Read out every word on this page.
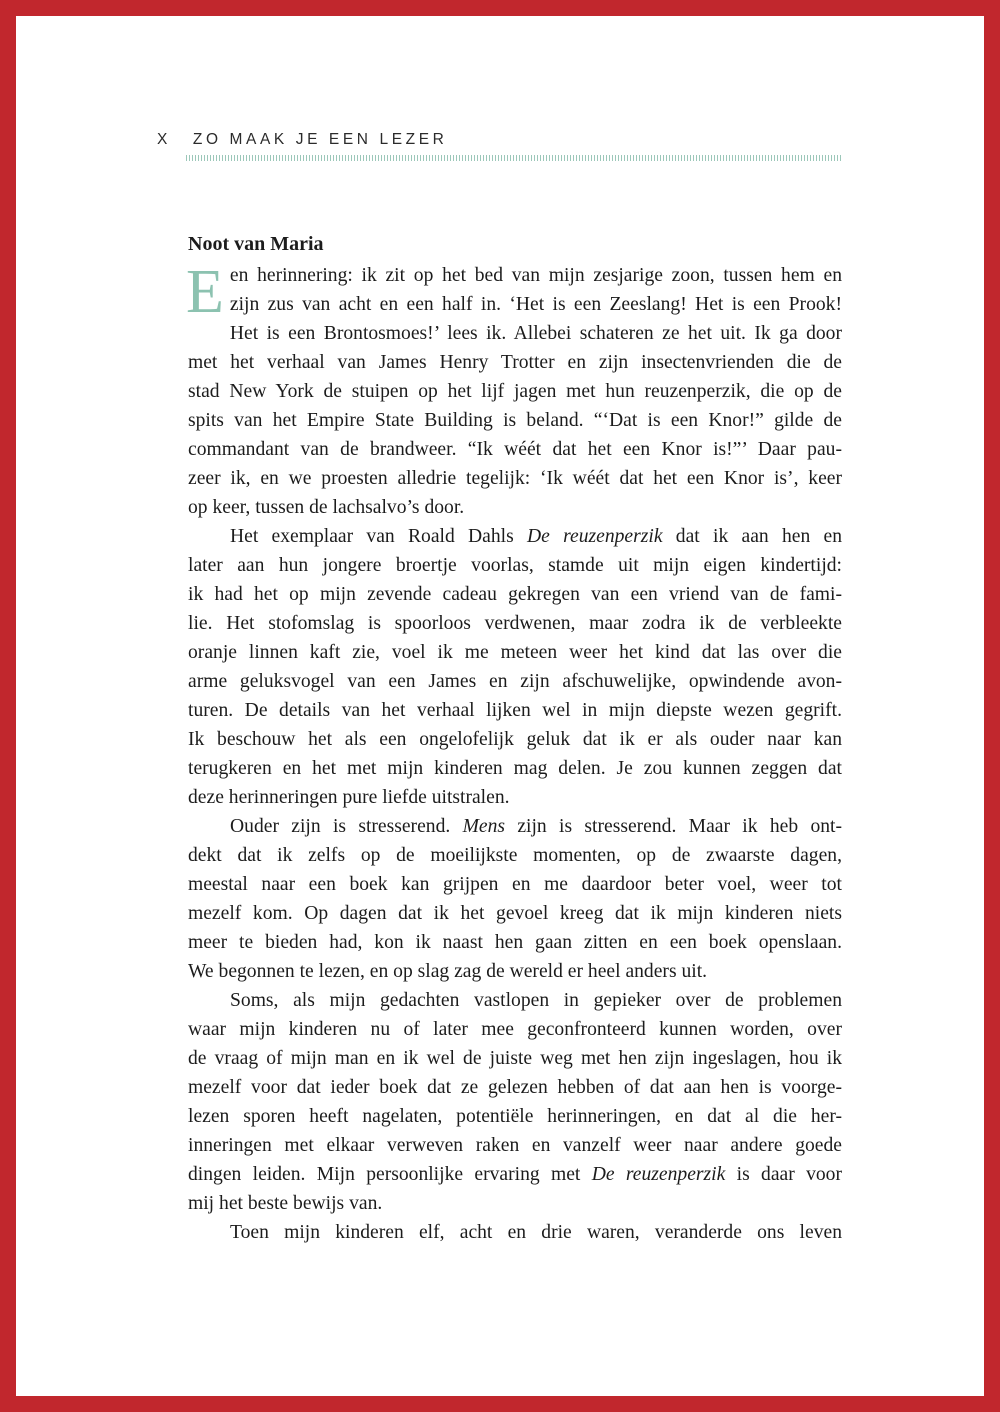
X ZO MAAK JE EEN LEZER
Noot van Maria
E en herinnering: ik zit op het bed van mijn zesjarige zoon, tussen hem en
zijn zus van acht en een half in. ‘Het is een Zeeslang! Het is een Prook!
Het is een Brontosmoes!’ lees ik. Allebei schateren ze het uit. Ik ga door
met het verhaal van James Henry Trotter en zijn insectenvrienden die de
stad New York de stuipen op het lijf jagen met hun reuzenperzik, die op de
spits van het Empire State Building is beland. “‘Dat is een Knor!” gilde de
commandant van de brandweer. “Ik wéét dat het een Knor is!”’ Daar pau-
zeer ik, en we proesten alledrie tegelijk: ‘Ik wéét dat het een Knor is’, keer
op keer, tussen de lachsalvo’s door.
Het exemplaar van Roald Dahls De reuzenperzik dat ik aan hen en
later aan hun jongere broertje voorlas, stamde uit mijn eigen kindertijd:
ik had het op mijn zevende cadeau gekregen van een vriend van de fami-
lie. Het stofomslag is spoorloos verdwenen, maar zodra ik de verbleekte
oranje linnen kaft zie, voel ik me meteen weer het kind dat las over die
arme geluksvogel van een James en zijn afschuwelijke, opwindende avon-
turen. De details van het verhaal lijken wel in mijn diepste wezen gegrift.
Ik beschouw het als een ongelofelijk geluk dat ik er als ouder naar kan
terugkeren en het met mijn kinderen mag delen. Je zou kunnen zeggen dat
deze herinneringen pure liefde uitstralen.
Ouder zijn is stresserend. Mens zijn is stresserend. Maar ik heb ont-
dekt dat ik zelfs op de moeilijkste momenten, op de zwaarste dagen,
meestal naar een boek kan grijpen en me daardoor beter voel, weer tot
mezelf kom. Op dagen dat ik het gevoel kreeg dat ik mijn kinderen niets
meer te bieden had, kon ik naast hen gaan zitten en een boek openslaan.
We begonnen te lezen, en op slag zag de wereld er heel anders uit.
Soms, als mijn gedachten vastlopen in gepieker over de problemen
waar mijn kinderen nu of later mee geconfronteerd kunnen worden, over
de vraag of mijn man en ik wel de juiste weg met hen zijn ingeslagen, hou ik
mezelf voor dat ieder boek dat ze gelezen hebben of dat aan hen is voorge-
lezen sporen heeft nagelaten, potentiële herinneringen, en dat al die her-
inneringen met elkaar verweven raken en vanzelf weer naar andere goede
dingen leiden. Mijn persoonlijke ervaring met De reuzenperzik is daar voor
mij het beste bewijs van.
Toen mijn kinderen elf, acht en drie waren, veranderde ons leven
